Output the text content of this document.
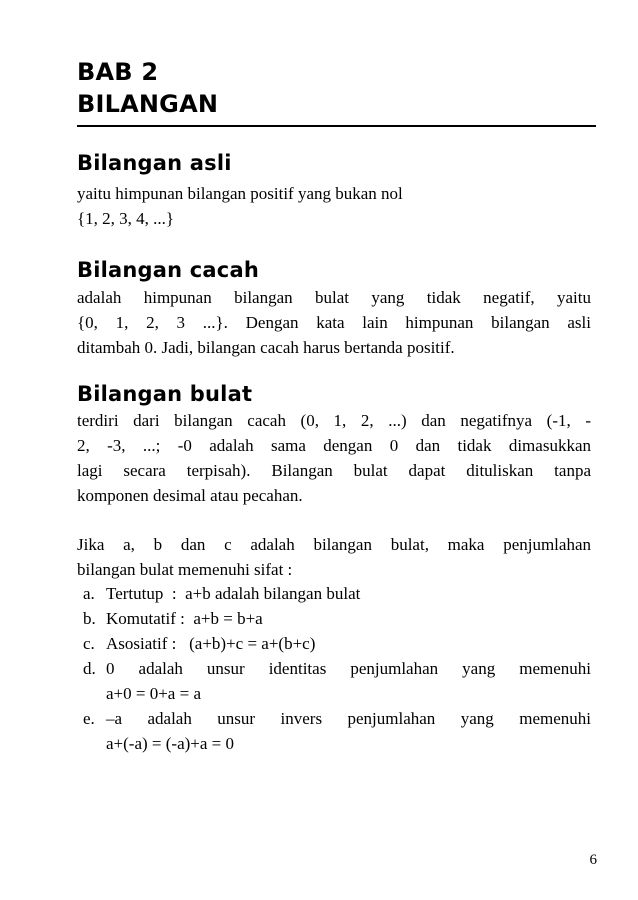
BAB 2
BILANGAN
Bilangan asli
yaitu himpunan bilangan positif yang bukan nol
{1, 2, 3, 4, ...}
Bilangan cacah
adalah himpunan bilangan bulat yang tidak negatif, yaitu
{0, 1, 2, 3 ...}. Dengan kata lain himpunan bilangan asli
ditambah 0. Jadi, bilangan cacah harus bertanda positif.
Bilangan bulat
terdiri dari bilangan cacah (0, 1, 2, ...) dan negatifnya (-1, -
2, -3, ...; -0 adalah sama dengan 0 dan tidak dimasukkan
lagi secara terpisah). Bilangan bulat dapat dituliskan tanpa
komponen desimal atau pecahan.
Jika a, b dan c adalah bilangan bulat, maka penjumlahan
bilangan bulat memenuhi sifat :
a. Tertutup  :  a+b adalah bilangan bulat
b. Komutatif :  a+b = b+a
c. Asosiatif :   (a+b)+c = a+(b+c)
d. 0 adalah unsur identitas penjumlahan yang memenuhi
a+0 = 0+a = a
e. –a adalah unsur invers penjumlahan yang memenuhi
a+(-a) = (-a)+a = 0
6
